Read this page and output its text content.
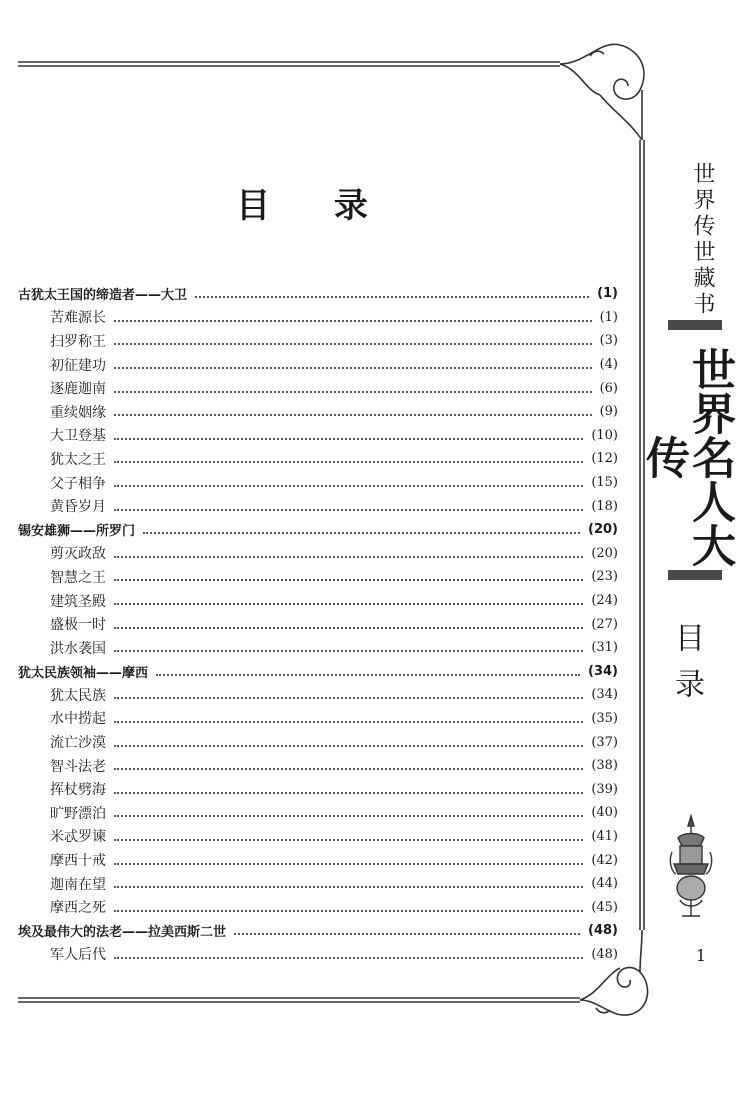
目 录
古犹太王国的缔造者——大卫	(1)
苦难源长	(1)
扫罗称王	(3)
初征建功	(4)
逐鹿迦南	(6)
重续姻缘	(9)
大卫登基	(10)
犹太之王	(12)
父子相争	(15)
黄昏岁月	(18)
锡安雄狮——所罗门	(20)
剪灭政敌	(20)
智慧之王	(23)
建筑圣殿	(24)
盛极一时	(27)
洪水袭国	(31)
犹太民族领袖——摩西	(34)
犹太民族	(34)
水中捞起	(35)
流亡沙漠	(37)
智斗法老	(38)
挥杖劈海	(39)
旷野漂泊	(40)
米忒罗谏	(41)
摩西十戒	(42)
迦南在望	(44)
摩西之死	(45)
埃及最伟大的法老——拉美西斯二世	(48)
军人后代	(48)
世界传世藏书
世界名人大传
目录
1
